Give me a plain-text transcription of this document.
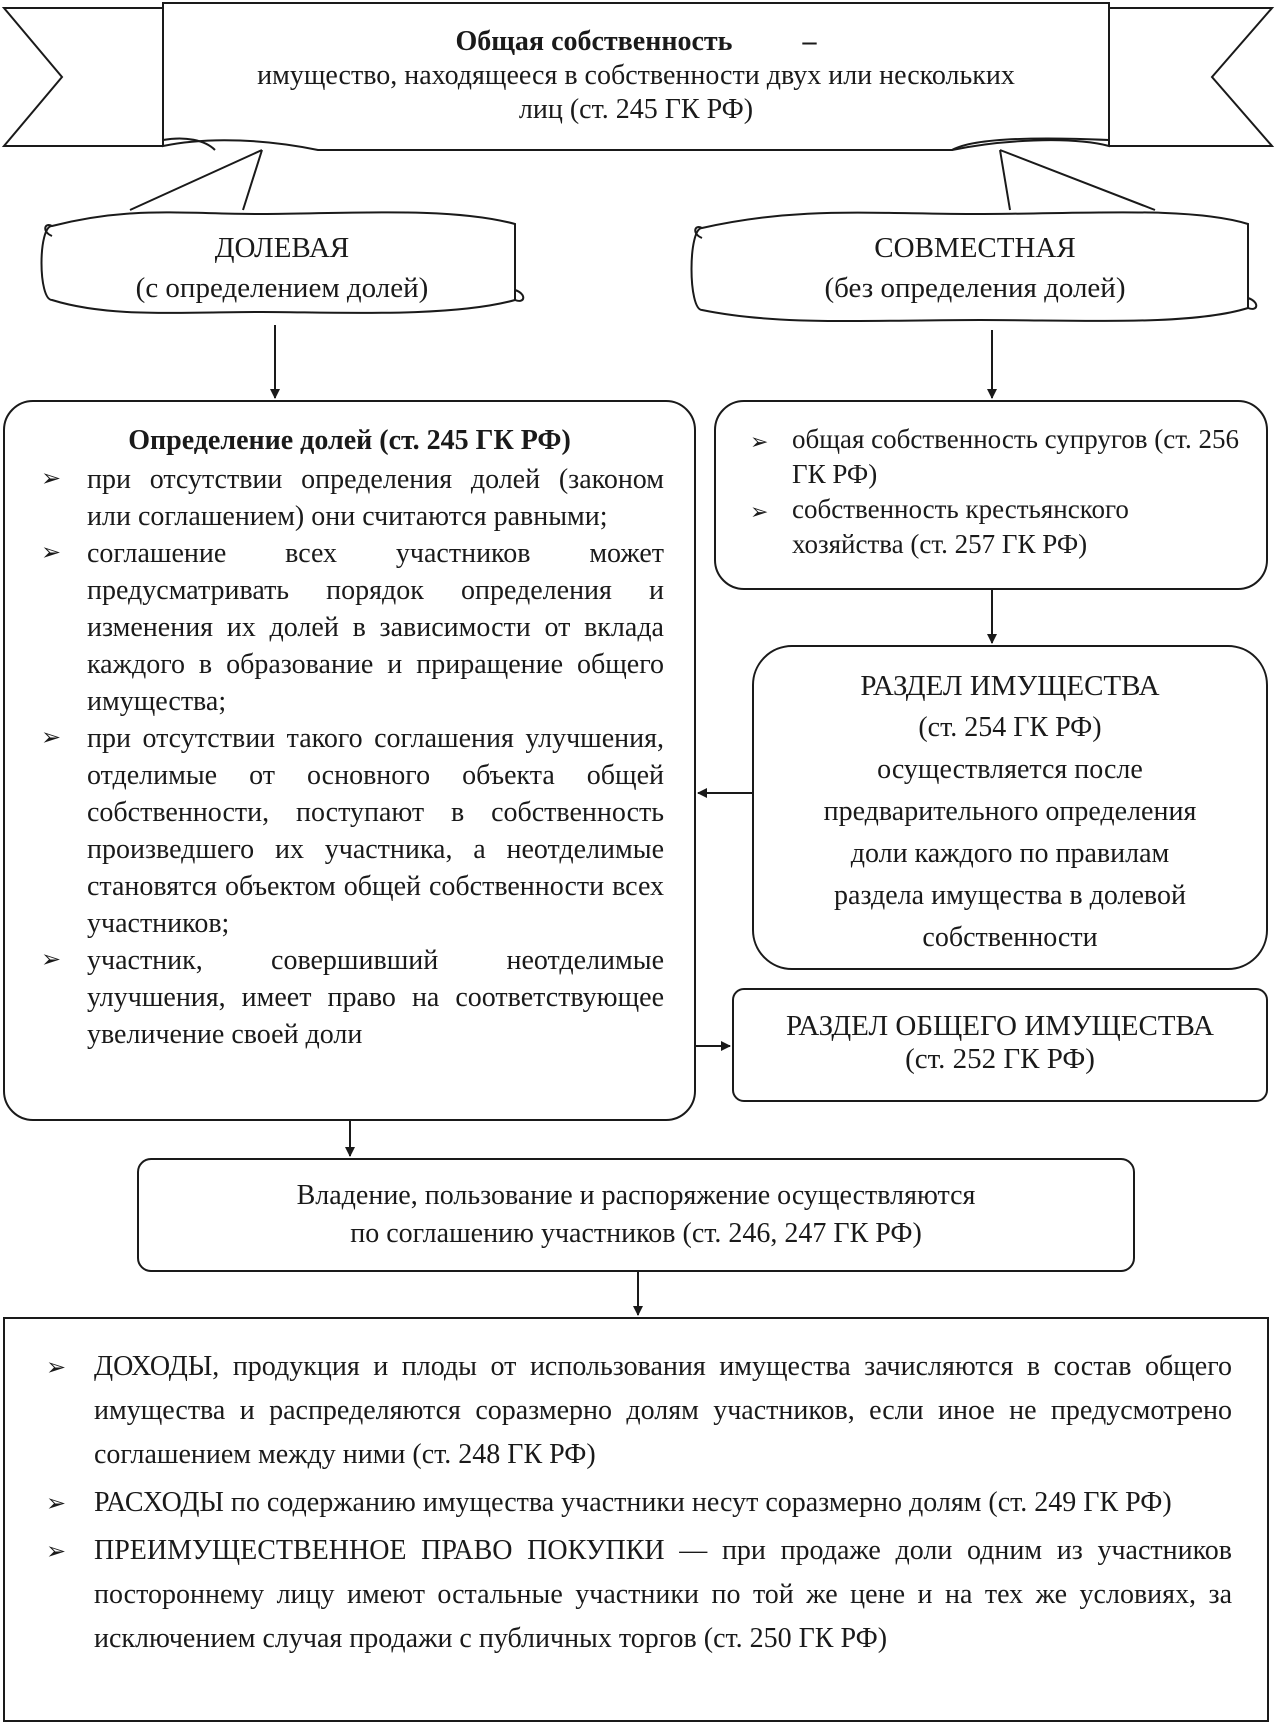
Общая собственность	–
имущество, находящееся в собственности двух или нескольких
лиц (ст. 245 ГК РФ)
ДОЛЕВАЯ
(с определением долей)
СОВМЕСТНАЯ
(без определения долей)
Определение долей (ст. 245 ГК РФ)
➢ при отсутствии определения долей (законом или соглашением) они считаются равными;
➢ соглашение всех участников может предусматривать порядок определения и изменения их долей в зависимости от вклада каждого в образование и приращение общего имущества;
➢ при отсутствии такого соглашения улучшения, отделимые от основного объекта общей собственности, поступают в собственность произведшего их участника, а неотделимые становятся объектом общей собственности всех участников;
➢ участник, совершивший неотделимые улучшения, имеет право на соответствующее увеличение своей доли
➢ общая собственность супругов (ст. 256 ГК РФ)
➢ собственность крестьянского хозяйства (ст. 257 ГК РФ)
РАЗДЕЛ ИМУЩЕСТВА
(ст. 254 ГК РФ)
осуществляется после
предварительного определения
доли каждого по правилам
раздела имущества в долевой
собственности
РАЗДЕЛ ОБЩЕГО ИМУЩЕСТВА
(ст. 252 ГК РФ)
Владение, пользование и распоряжение осуществляются
по соглашению участников (ст. 246, 247 ГК РФ)
➢ ДОХОДЫ, продукция и плоды от использования имущества зачисляются в состав общего имущества и распределяются соразмерно долям участников, если иное не предусмотрено соглашением между ними (ст. 248 ГК РФ)
➢ РАСХОДЫ по содержанию имущества участники несут соразмерно долям (ст. 249 ГК РФ)
➢ ПРЕИМУЩЕСТВЕННОЕ ПРАВО ПОКУПКИ — при продаже доли одним из участников постороннему лицу имеют остальные участники по той же цене и на тех же условиях, за исключением случая продажи с публичных торгов (ст. 250 ГК РФ)
